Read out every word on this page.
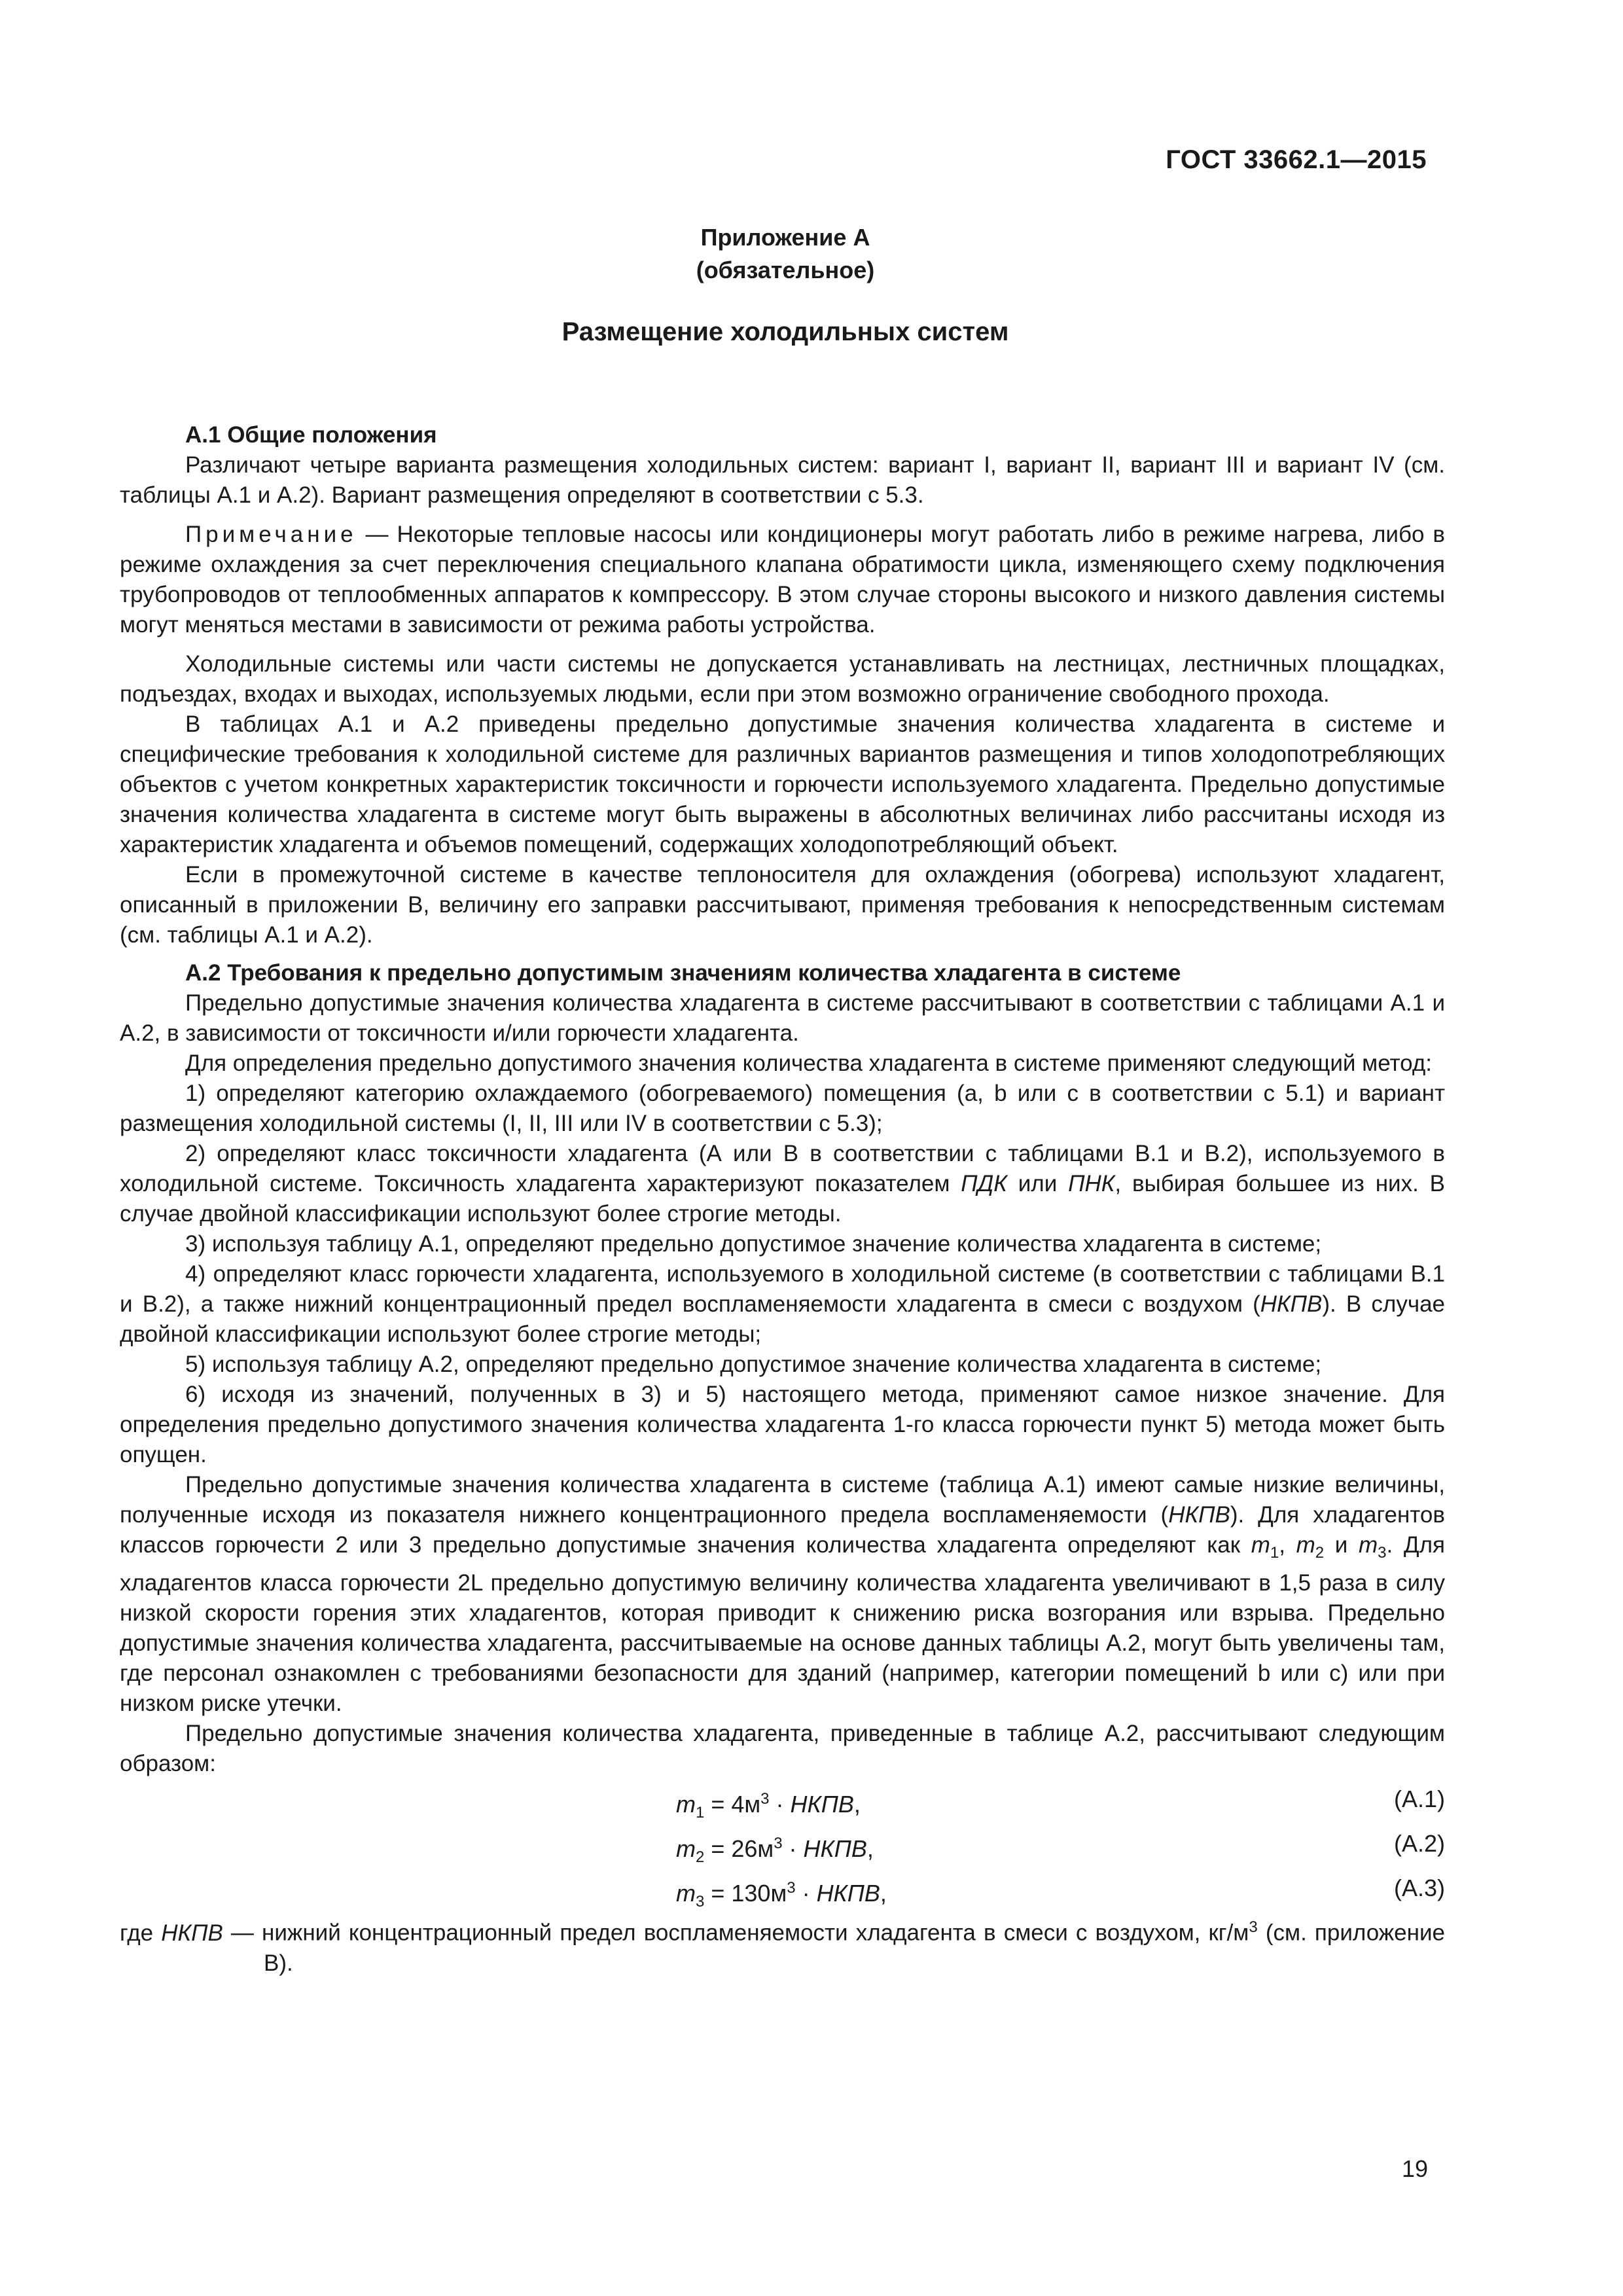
ГОСТ 33662.1—2015
Приложение А
(обязательное)
Размещение холодильных систем

А.1 Общие положения

Различают четыре варианта размещения холодильных систем: вариант I, вариант II, вариант III и вариант IV (см. таблицы А.1 и А.2). Вариант размещения определяют в соответствии с 5.3.

Примечание — Некоторые тепловые насосы или кондиционеры могут работать либо в режиме нагрева, либо в режиме охлаждения за счет переключения специального клапана обратимости цикла, изменяющего схему подключения трубопроводов от теплообменных аппаратов к компрессору. В этом случае стороны высокого и низкого давления системы могут меняться местами в зависимости от режима работы устройства.

Холодильные системы или части системы не допускается устанавливать на лестницах, лестничных площадках, подъездах, входах и выходах, используемых людьми, если при этом возможно ограничение свободного прохода.

В таблицах А.1 и А.2 приведены предельно допустимые значения количества хладагента в системе и специфические требования к холодильной системе для различных вариантов размещения и типов холодопотребляющих объектов с учетом конкретных характеристик токсичности и горючести используемого хладагента. Предельно допустимые значения количества хладагента в системе могут быть выражены в абсолютных величинах либо рассчитаны исходя из характеристик хладагента и объемов помещений, содержащих холодопотребляющий объект.

Если в промежуточной системе в качестве теплоносителя для охлаждения (обогрева) используют хладагент, описанный в приложении В, величину его заправки рассчитывают, применяя требования к непосредственным системам (см. таблицы А.1 и А.2).

А.2 Требования к предельно допустимым значениям количества хладагента в системе

Предельно допустимые значения количества хладагента в системе рассчитывают в соответствии с таблицами А.1 и А.2, в зависимости от токсичности и/или горючести хладагента.

Для определения предельно допустимого значения количества хладагента в системе применяют следующий метод:

1) определяют категорию охлаждаемого (обогреваемого) помещения (a, b или c в соответствии с 5.1) и вариант размещения холодильной системы (I, II, III или IV в соответствии с 5.3);

2) определяют класс токсичности хладагента (А или В в соответствии с таблицами В.1 и В.2), используемого в холодильной системе. Токсичность хладагента характеризуют показателем ПДК или ПНК, выбирая большее из них. В случае двойной классификации используют более строгие методы.

3) используя таблицу А.1, определяют предельно допустимое значение количества хладагента в системе;

4) определяют класс горючести хладагента, используемого в холодильной системе (в соответствии с таблицами В.1 и В.2), а также нижний концентрационный предел воспламеняемости хладагента в смеси с воздухом (НКПВ). В случае двойной классификации используют более строгие методы;

5) используя таблицу А.2, определяют предельно допустимое значение количества хладагента в системе;

6) исходя из значений, полученных в 3) и 5) настоящего метода, применяют самое низкое значение. Для определения предельно допустимого значения количества хладагента 1-го класса горючести пункт 5) метода может быть опущен.

Предельно допустимые значения количества хладагента в системе (таблица А.1) имеют самые низкие величины, полученные исходя из показателя нижнего концентрационного предела воспламеняемости (НКПВ). Для хладагентов классов горючести 2 или 3 предельно допустимые значения количества хладагента определяют как $m_1$, $m_2$ и $m_3$. Для хладагентов класса горючести 2L предельно допустимую величину количества хладагента увеличивают в 1,5 раза в силу низкой скорости горения этих хладагентов, которая приводит к снижению риска возгорания или взрыва. Предельно допустимые значения количества хладагента, рассчитываемые на основе данных таблицы А.2, могут быть увеличены там, где персонал ознакомлен с требованиями безопасности для зданий (например, категории помещений b или c) или при низком риске утечки.

Предельно допустимые значения количества хладагента, приведенные в таблице А.2, рассчитывают следующим образом:

$m_1 = 4м^3$ · НКПВ,	(А.1)
$m_2 = 26м^3$ · НКПВ,	(А.2)
$m_3 = 130м^3$ · НКПВ,	(А.3)

где НКПВ — нижний концентрационный предел воспламеняемости хладагента в смеси с воздухом, $кг/м^3$ (см. приложение В).

19
